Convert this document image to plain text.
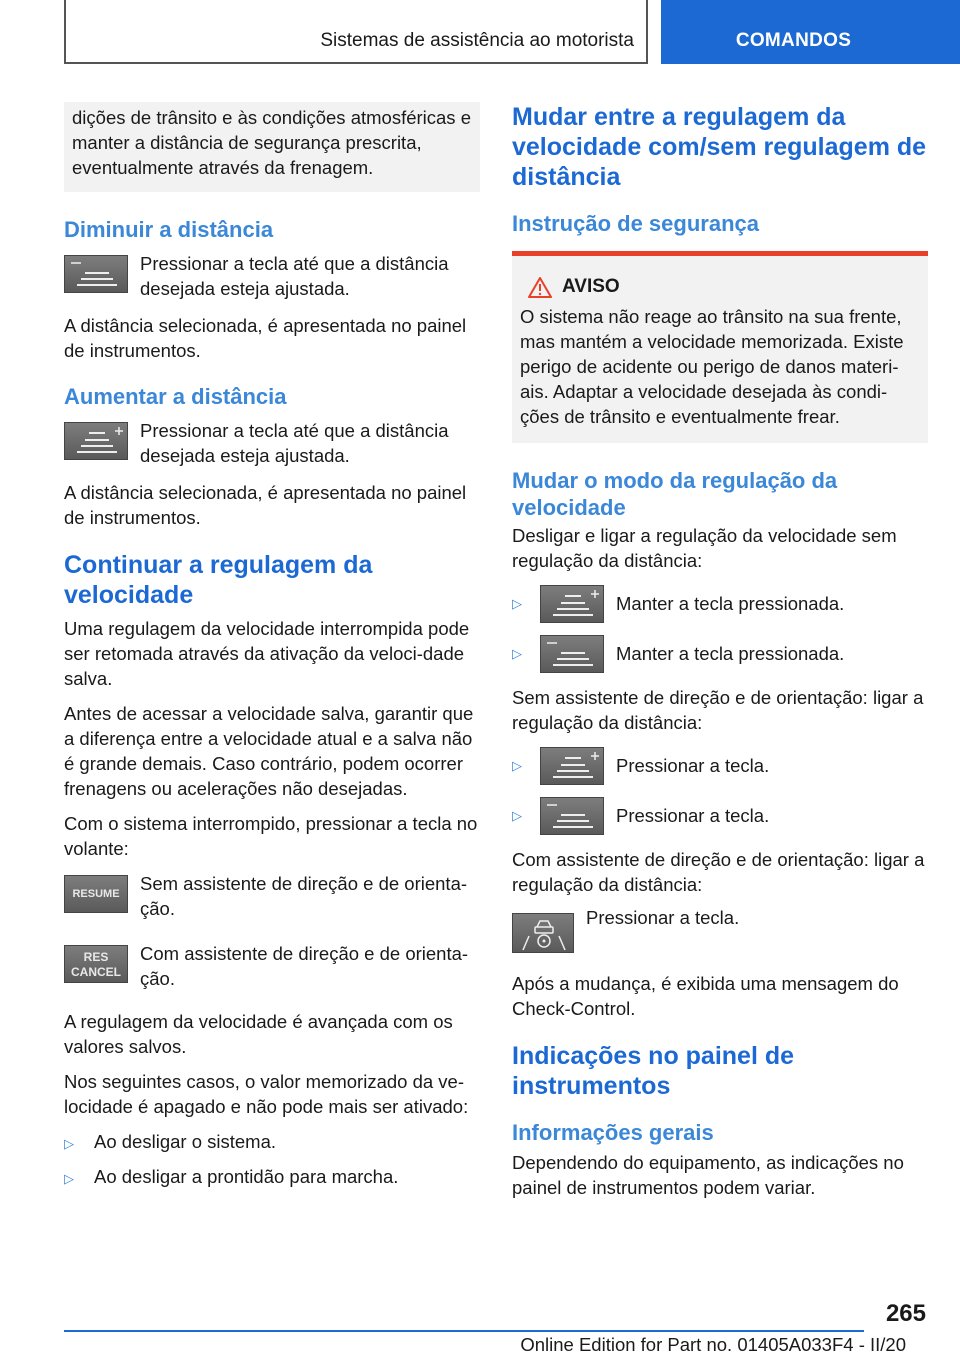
Sistemas de assistência ao motorista	COMANDOS

dições de trânsito e às condições atmosféricas e manter a distância de segurança prescrita, eventualmente através da frenagem.

Diminuir a distância
Pressionar a tecla até que a distância desejada esteja ajustada.

A distância selecionada, é apresentada no painel de instrumentos.

Aumentar a distância
Pressionar a tecla até que a distância desejada esteja ajustada.

A distância selecionada, é apresentada no painel de instrumentos.

Continuar a regulagem da velocidade

Uma regulagem da velocidade interrompida pode ser retomada através da ativação da veloci‐dade salva.

Antes de acessar a velocidade salva, garantir que a diferença entre a velocidade atual e a salva não é grande demais. Caso contrário, podem ocorrer frenagens ou acelerações não desejadas.

Com o sistema interrompido, pressionar a tecla no volante:

RESUME	Sem assistente de direção e de orienta‐ção.
RES
CANCEL
Com assistente de direção e de orienta‐ção.

A regulagem da velocidade é avançada com os valores salvos.

Nos seguintes casos, o valor memorizado da ve‐locidade é apagado e não pode mais ser ativado:

▷	Ao desligar o sistema.
▷	Ao desligar a prontidão para marcha.
Mudar entre a regulagem da velocidade com/sem regulagem de distância
Instrução de segurança
AVISO

O sistema não reage ao trânsito na sua frente, mas mantém a velocidade memorizada. Existe perigo de acidente ou perigo de danos materi‐ais. Adaptar a velocidade desejada às condi‐ções de trânsito e eventualmente frear.

Mudar o modo da regulação da velocidade

Desligar e ligar a regulação da velocidade sem regulação da distância:

▷	Manter a tecla pressionada.
▷	Manter a tecla pressionada.

Sem assistente de direção e de orientação: ligar a regulação da distância:

▷	Pressionar a tecla.
▷	Pressionar a tecla.

Com assistente de direção e de orientação: ligar a regulação da distância:

Pressionar a tecla.

Após a mudança, é exibida uma mensagem do Check-Control.

Indicações no painel de instrumentos
Informações gerais

Dependendo do equipamento, as indicações no painel de instrumentos podem variar.

265
Online Edition for Part no. 01405A033F4 - II/20
